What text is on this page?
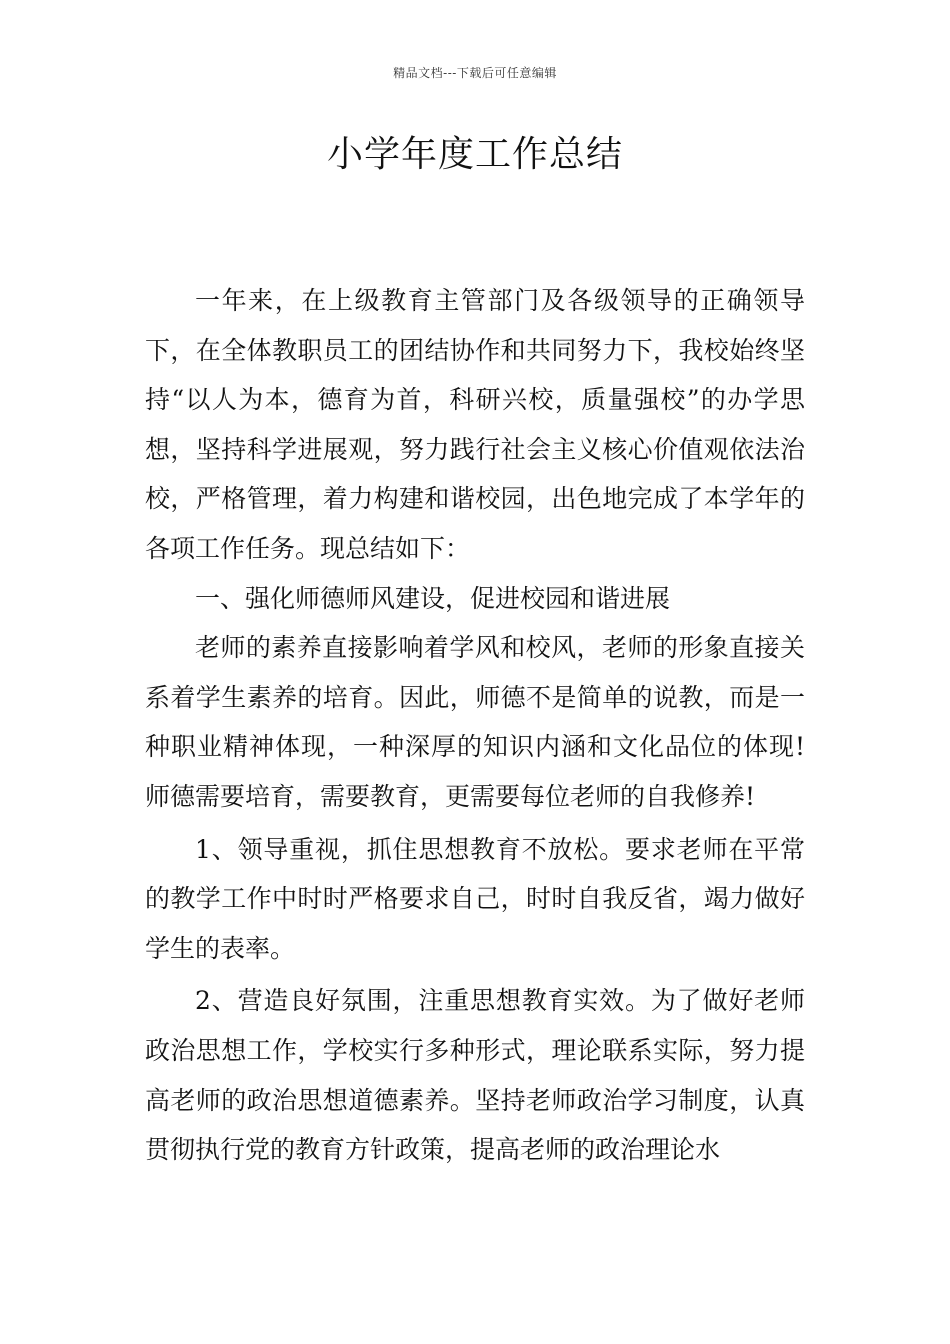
精品文档---下载后可任意编辑
小学年度工作总结

一年来，在上级教育主管部门及各级领导的正确领导下，在全体教职员工的团结协作和共同努力下，我校始终坚持“以人为本，德育为首，科研兴校，质量强校”的办学思想，坚持科学进展观，努力践行社会主义核心价值观依法治校，严格管理，着力构建和谐校园，出色地完成了本学年的各项工作任务。现总结如下：

一、强化师德师风建设，促进校园和谐进展

老师的素养直接影响着学风和校风，老师的形象直接关系着学生素养的培育。因此，师德不是简单的说教，而是一种职业精神体现，一种深厚的知识内涵和文化品位的体现!师德需要培育，需要教育，更需要每位老师的自我修养!

1、领导重视，抓住思想教育不放松。要求老师在平常的教学工作中时时严格要求自己，时时自我反省，竭力做好学生的表率。

2、营造良好氛围，注重思想教育实效。为了做好老师政治思想工作，学校实行多种形式，理论联系实际，努力提高老师的政治思想道德素养。坚持老师政治学习制度，认真贯彻执行党的教育方针政策，提高老师的政治理论水
